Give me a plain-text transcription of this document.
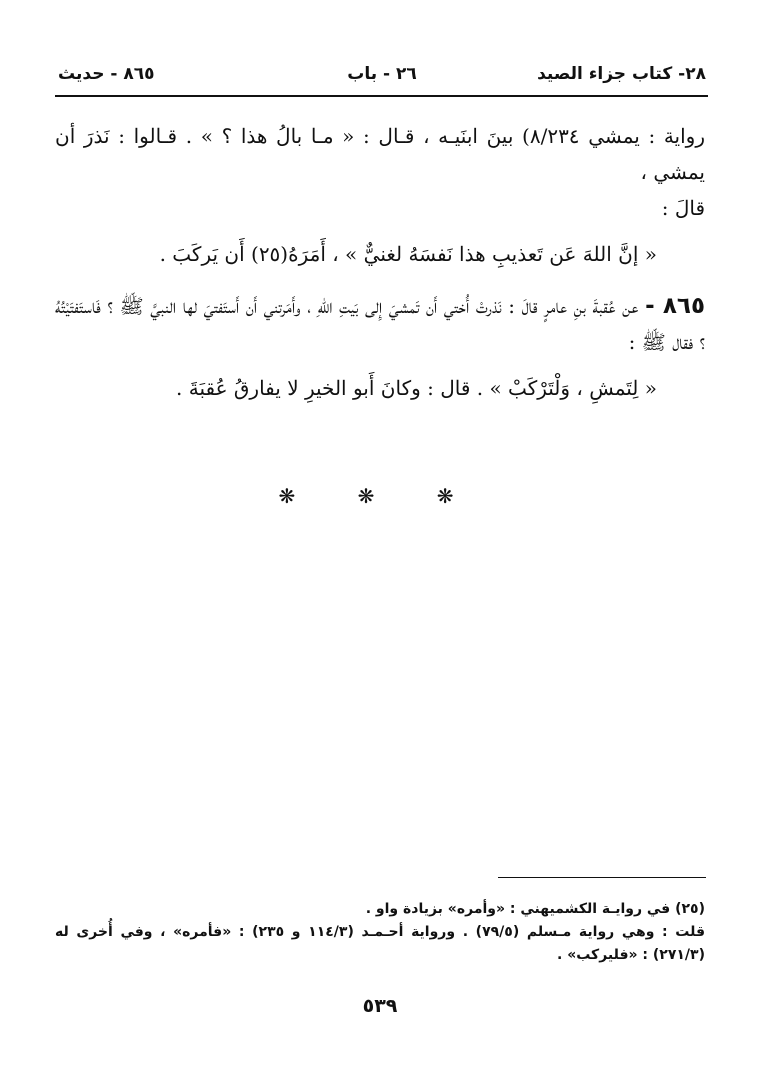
٢٨- كتاب جزاء الصيد
٢٦ - باب
٨٦٥ - حديث

رواية : يمشي ٨/٢٣٤) بينَ ابنَيـه ، قـال : « مـا بالُ هذا ؟ » . قـالوا : نَذرَ أن يمشي ،

قالَ :

« إنَّ اللهَ عَن تَعذيبِ هذا نَفسَهُ لغنيٌّ » ، أَمَرَهُ(٢٥) أَن يَركَبَ .

٨٦٥ - عن عُقبةَ بنِ عامرٍ قالَ : نَذرتْ أُختي أَن تَمشيَ إِلى بَيتِ اللهِ ، وأَمَرتني أَن أَستَفتيَ لها النبيَّ ﷺ ؟ فَاستَفتَيْتُهُ ؟ فقال ﷺ :

« لِتَمشِ ، وَلْتَرْكَبْ » . قال : وكانَ أَبو الخيرِ لا يفارقُ عُقبَةَ .

❋ ❋ ❋

(٢٥) في روايـة الكشميهني : «وأمره» بزيادة واو .

قلت : وهي رواية مـسلم (٧٩/٥) . ورواية أحـمـد (١١٤/٣ و ٢٣٥) : «فأمره» ، وفي أُخرى له (٢٧١/٣) : «فليركب» .

٥٣٩
